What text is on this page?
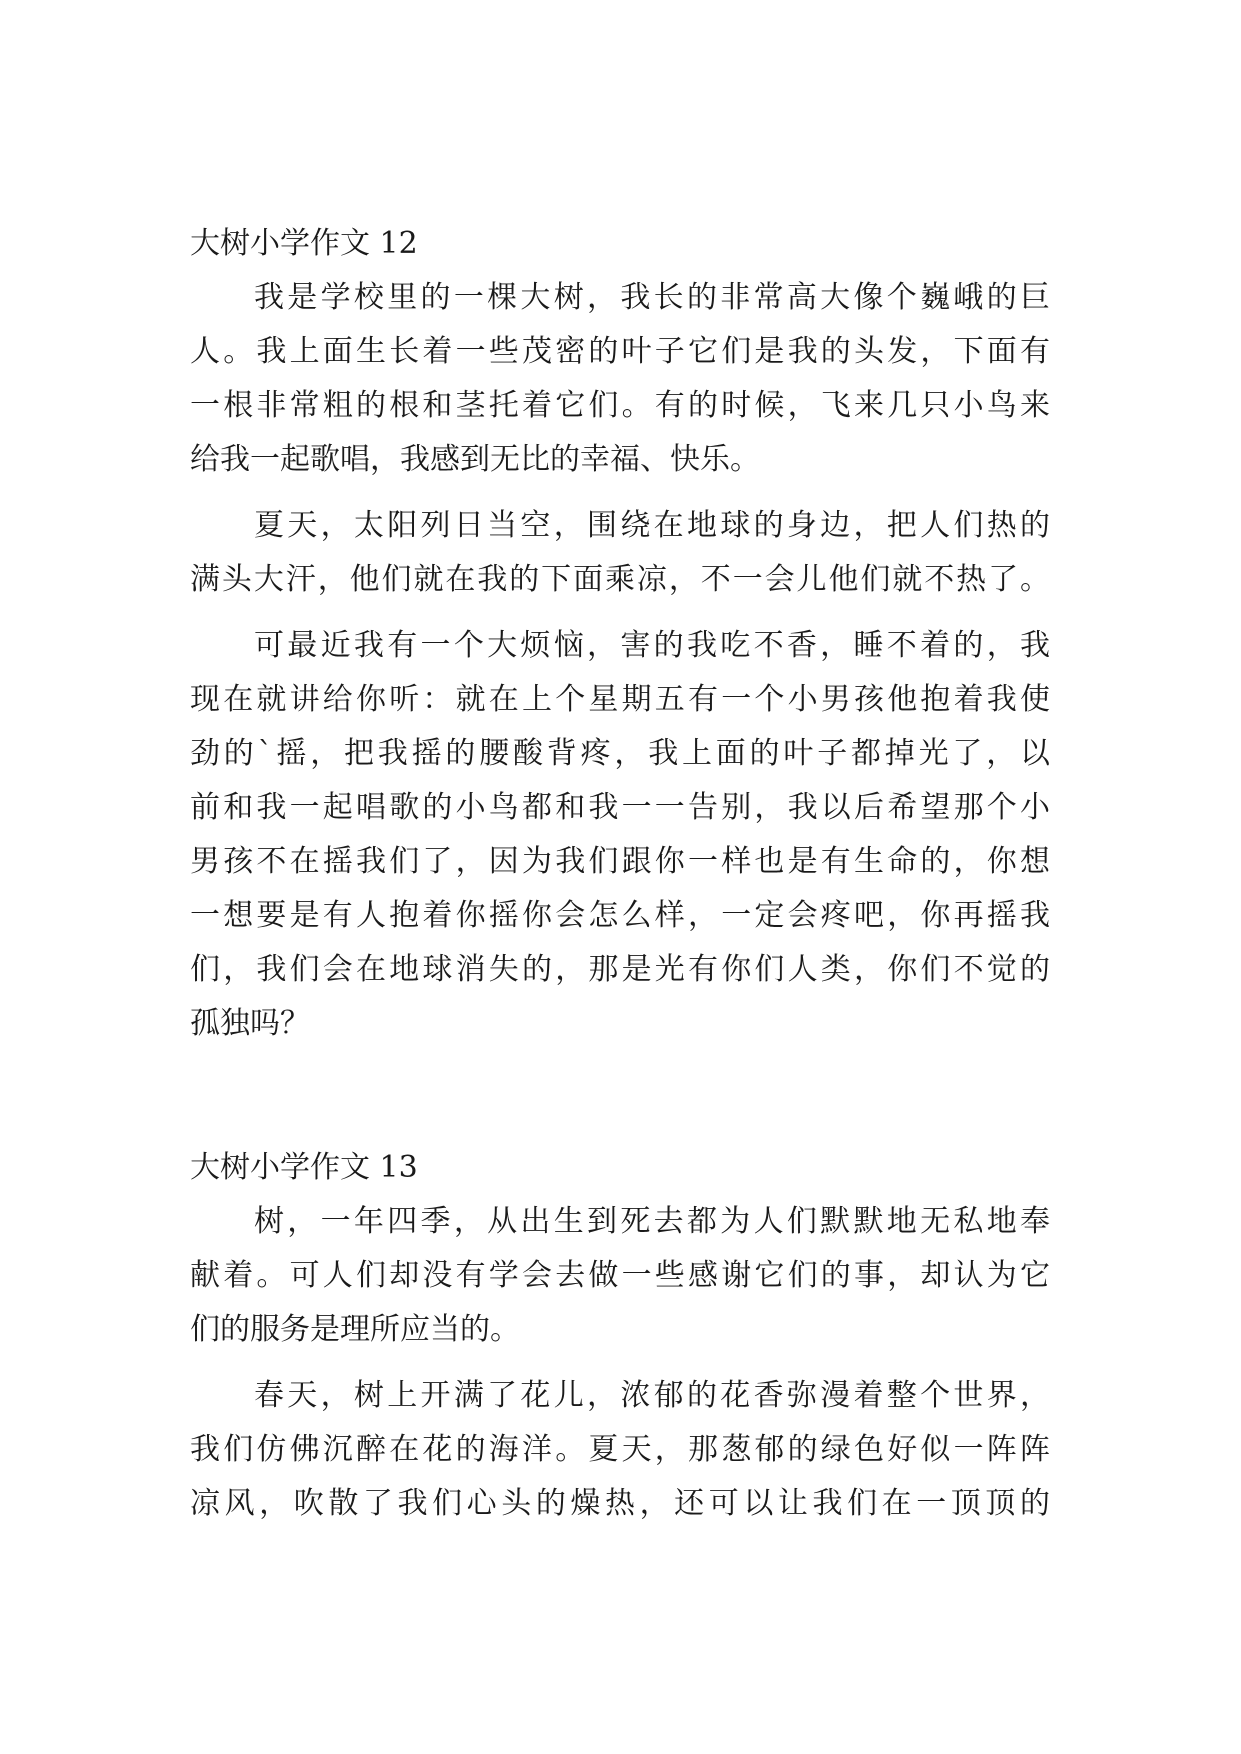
大树小学作文 12
我是学校里的一棵大树，我长的非常高大像个巍峨的巨
人。我上面生长着一些茂密的叶子它们是我的头发，下面有
一根非常粗的根和茎托着它们。有的时候，飞来几只小鸟来
给我一起歌唱，我感到无比的幸福、快乐。
夏天，太阳列日当空，围绕在地球的身边，把人们热的
满头大汗，他们就在我的下面乘凉，不一会儿他们就不热了。
可最近我有一个大烦恼，害的我吃不香，睡不着的，我
现在就讲给你听：就在上个星期五有一个小男孩他抱着我使
劲的`摇，把我摇的腰酸背疼，我上面的叶子都掉光了，以
前和我一起唱歌的小鸟都和我一一告别，我以后希望那个小
男孩不在摇我们了，因为我们跟你一样也是有生命的，你想
一想要是有人抱着你摇你会怎么样，一定会疼吧，你再摇我
们，我们会在地球消失的，那是光有你们人类，你们不觉的
孤独吗？
大树小学作文 13
树，一年四季，从出生到死去都为人们默默地无私地奉
献着。可人们却没有学会去做一些感谢它们的事，却认为它
们的服务是理所应当的。
春天，树上开满了花儿，浓郁的花香弥漫着整个世界，
我们仿佛沉醉在花的海洋。夏天，那葱郁的绿色好似一阵阵
凉风，吹散了我们心头的燥热，还可以让我们在一顶顶的
